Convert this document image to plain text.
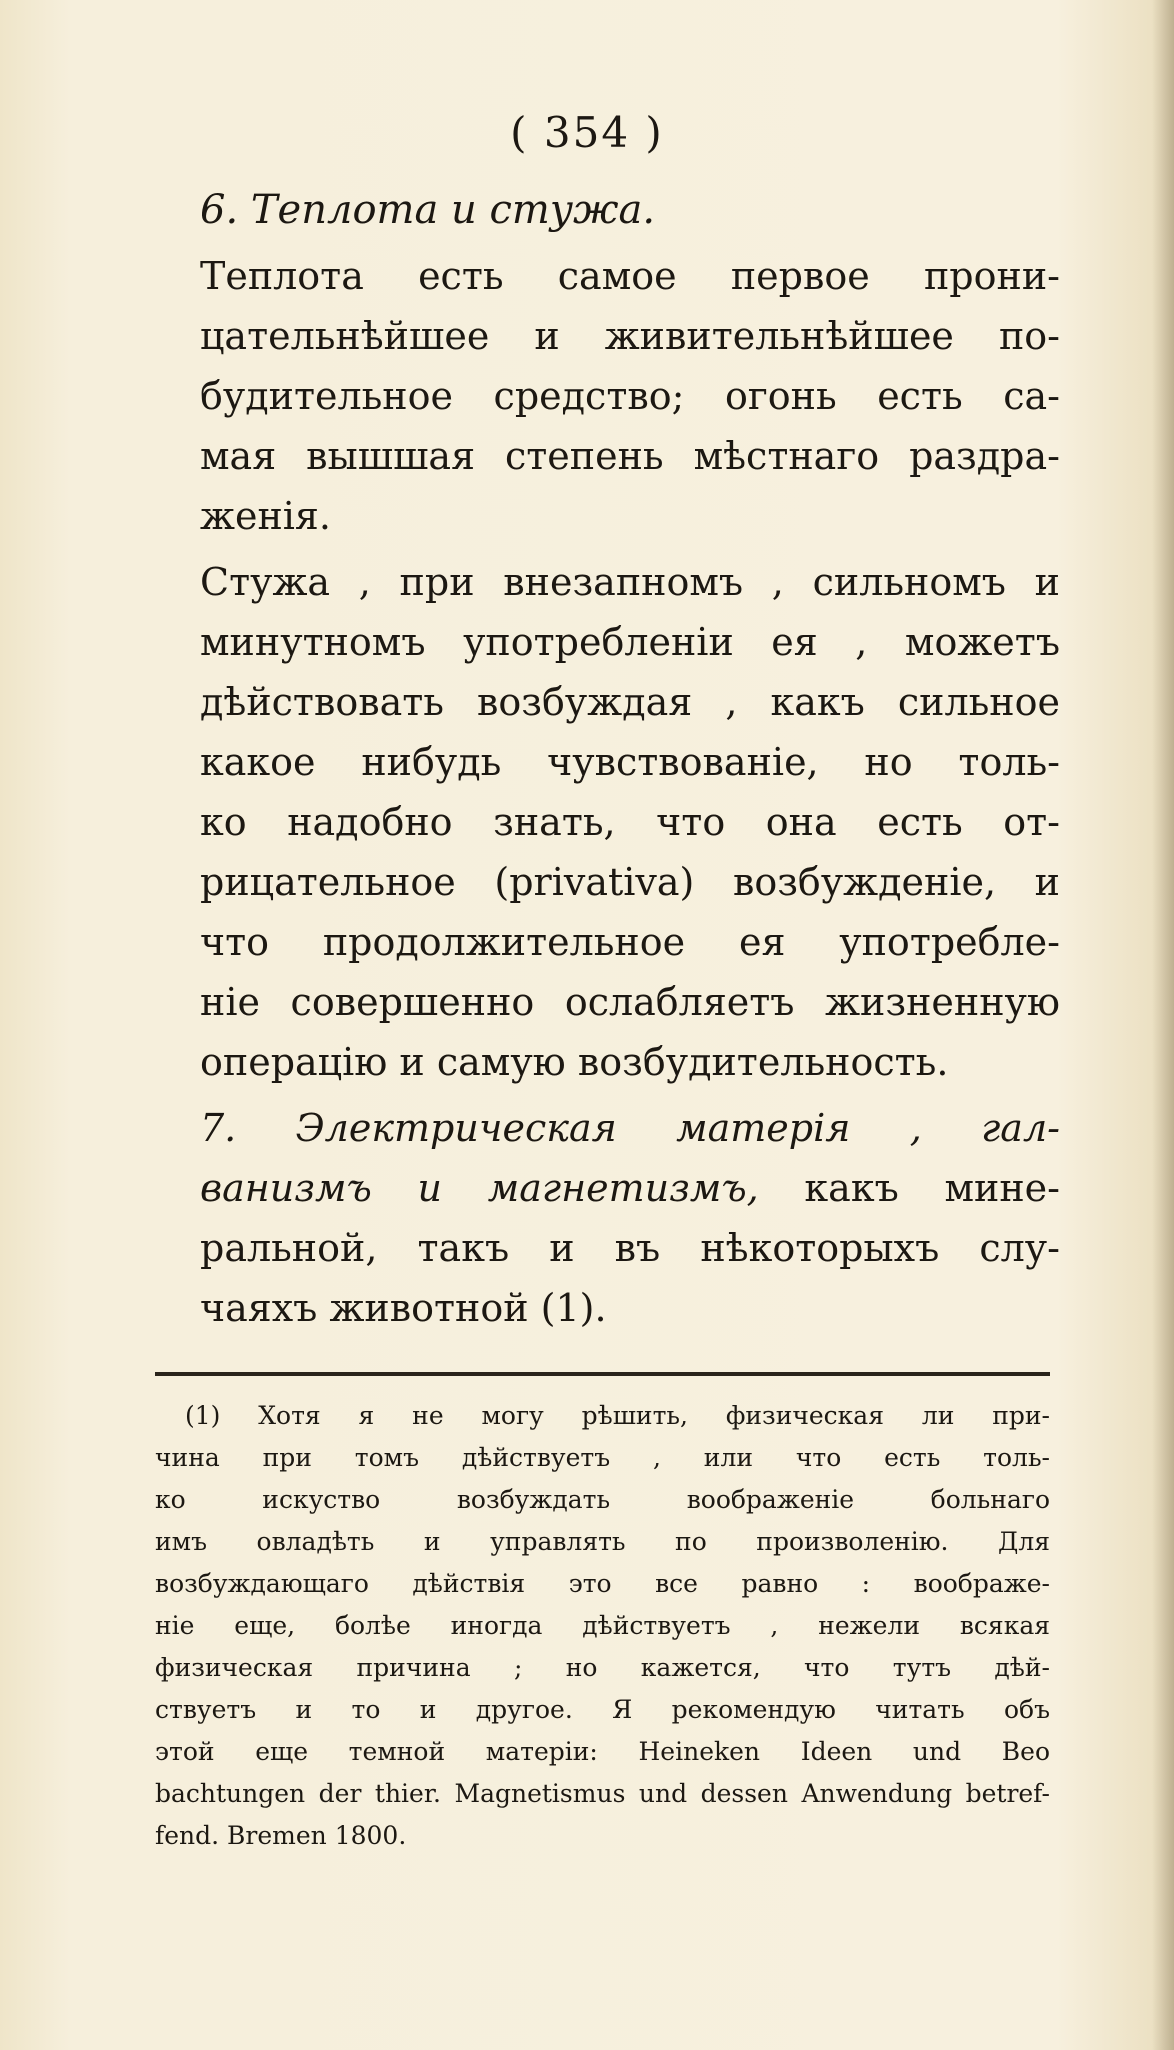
( 354 )
6. Теплота и стужа.

Теплота есть самое первое прони-
цательнѣйшее и живительнѣйшее по-
будительное средство; огонь есть са-
мая вышшая степень мѣстнаго раздра-
женія.

Стужа , при внезапномъ , сильномъ и
минутномъ употребленіи ея , можетъ
дѣйствовать возбуждая , какъ сильное
какое нибудь чувствованіе, но толь-
ко надобно знать, что она есть от-
рицательное (privativa) возбужденіе, и
что продолжительное ея употребле-
ніе совершенно ослабляетъ жизненную
операцію и самую возбудительность.

7. Электрическая матерія , гал-
ванизмъ и магнетизмъ, какъ мине-
ральной, такъ и въ нѣкоторыхъ слу-
чаяхъ животной (1).

(1) Хотя я не могу рѣшить, физическая ли при-
чина при томъ дѣйствуетъ , или что есть толь-
ко искуство возбуждать воображеніе больнаго
имъ овладѣть и управлять по произволенію. Для
возбуждающаго дѣйствія это все равно : воображе-
ніе еще, болѣе иногда дѣйствуетъ , нежели всякая
физическая причина ; но кажется, что тутъ дѣй-
ствуетъ и то и другое. Я рекомендую читать объ
этой еще темной матеріи: Heineken Ideen und Beo
bachtungen der thier. Magnetismus und dessen Anwendung betref-
fend. Bremen 1800.
